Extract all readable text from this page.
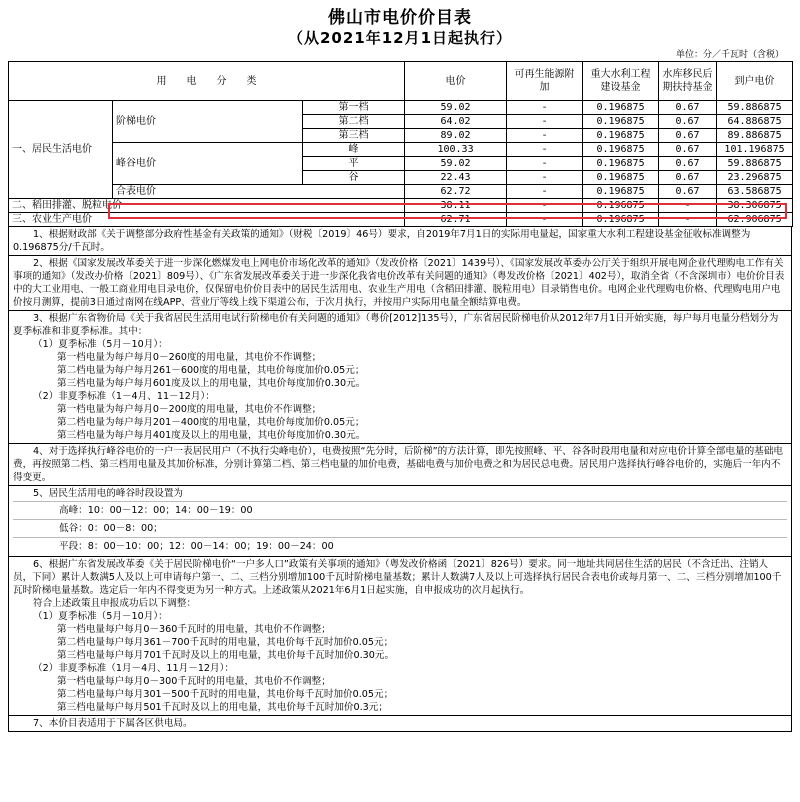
佛山市电价价目表
（从2021年12月1日起执行）
单位：分／千瓦时（含税）
用　　电　　分　　类			电价	可再生能源附加	重大水利工程建设基金	水库移民后期扶持基金	到户电价
一、居民生活电价	阶梯电价	第一档	59.02	-	0.196875	0.67	59.886875
		第二档	64.02	-	0.196875	0.67	64.886875
		第三档	89.02	-	0.196875	0.67	89.886875
	峰谷电价	峰	100.33	-	0.196875	0.67	101.196875
		平	59.02	-	0.196875	0.67	59.886875
		谷	22.43	-	0.196875	0.67	23.296875
	合表电价		62.72	-	0.196875	0.67	63.586875
二、稻田排灌、脱粒电价			38.11	-	0.196875	-	38.306875
三、农业生产电价			62.71	-	0.196875	-	62.906875

1、根据财政部《关于调整部分政府性基金有关政策的通知》（财税〔2019〕46号）要求，自2019年7月1日的实际用电量起，国家重大水利工程建设基金征收标准调整为0.196875分/千瓦时。

2、根据《国家发展改革委关于进一步深化燃煤发电上网电价市场化改革的通知》（发改价格〔2021〕1439号）、《国家发展改革委办公厅关于组织开展电网企业代理购电工作有关事项的通知》（发改办价格〔2021〕809号）、《广东省发展改革委关于进一步深化我省电价改革有关问题的通知》（粤发改价格〔2021〕402号），取消全省（不含深圳市）电价价目表中的大工业用电、一般工商业用电目录电价，仅保留电价价目表中的居民生活用电、农业生产用电（含稻田排灌、脱粒用电）目录销售电价。电网企业代理购电价格、代理购电用户电价按月测算，提前3日通过南网在线APP、营业厅等线上线下渠道公布，于次月执行，并按用户实际用电量全额结算电费。

3、根据广东省物价局《关于我省居民生活用电试行阶梯电价有关问题的通知》（粤价[2012]135号），广东省居民阶梯电价从2012年7月1日开始实施，每户每月电量分档划分为夏季标准和非夏季标准。其中：

（1）夏季标准（5月－10月）：

第一档电量为每户每月0－260度的用电量，其电价不作调整；

第二档电量为每户每月261－600度的用电量，其电价每度加价0.05元；

第三档电量为每户每月601度及以上的用电量，其电价每度加价0.30元。

（2）非夏季标准（1－4月、11－12月）：

第一档电量为每户每月0－200度的用电量，其电价不作调整；

第二档电量为每户每月201－400度的用电量，其电价每度加价0.05元；

第三档电量为每户每月401度及以上的用电量，其电价每度加价0.30元。

4、对于选择执行峰谷电价的一户一表居民用户（不执行尖峰电价），电费按照“先分时，后阶梯”的方法计算，即先按照峰、平、谷各时段用电量和对应电价计算全部电量的基础电费，再按照第二档、第三档用电量及其加价标准，分别计算第二档、第三档电量的加价电费，基础电费与加价电费之和为居民总电费。居民用户选择执行峰谷电价的，实施后一年内不得变更。

5、居民生活用电的峰谷时段设置为

高峰：10：00－12：00；14：00－19：00

低谷：0：00－8：00；

平段：8：00－10：00；12：00－14：00；19：00－24：00

6、根据广东省发展改革委《关于居民阶梯电价“一户多人口”政策有关事项的通知》（粤发改价格函〔2021〕826号）要求。同一地址共同居住生活的居民（不含迁出、注销人员，下同）累计人数满5人及以上可申请每户第一、二、三档分别增加100千瓦时阶梯电量基数；累计人数满7人及以上可选择执行居民合表电价或每月第一、二、三档分别增加100千瓦时阶梯电量基数。选定后一年内不得变更为另一种方式。上述政策从2021年6月1日起实施，自申报成功的次月起执行。

符合上述政策且申报成功后以下调整：

（1）夏季标准（5月－10月）：

第一档电量每户每月0－360千瓦时的用电量，其电价不作调整；

第二档电量每户每月361－700千瓦时的用电量，其电价每千瓦时加价0.05元；

第三档电量每户每月701千瓦时及以上的用电量，其电价每千瓦时加价0.30元。

（2）非夏季标准（1月－4月、11月－12月）：

第一档电量每户每月0－300千瓦时的用电量，其电价不作调整；

第二档电量每户每月301－500千瓦时的用电量，其电价每千瓦时加价0.05元；

第三档电量每户每月501千瓦时及以上的用电量，其电价每千瓦时加价0.3元；

7、本价目表适用于下属各区供电局。
